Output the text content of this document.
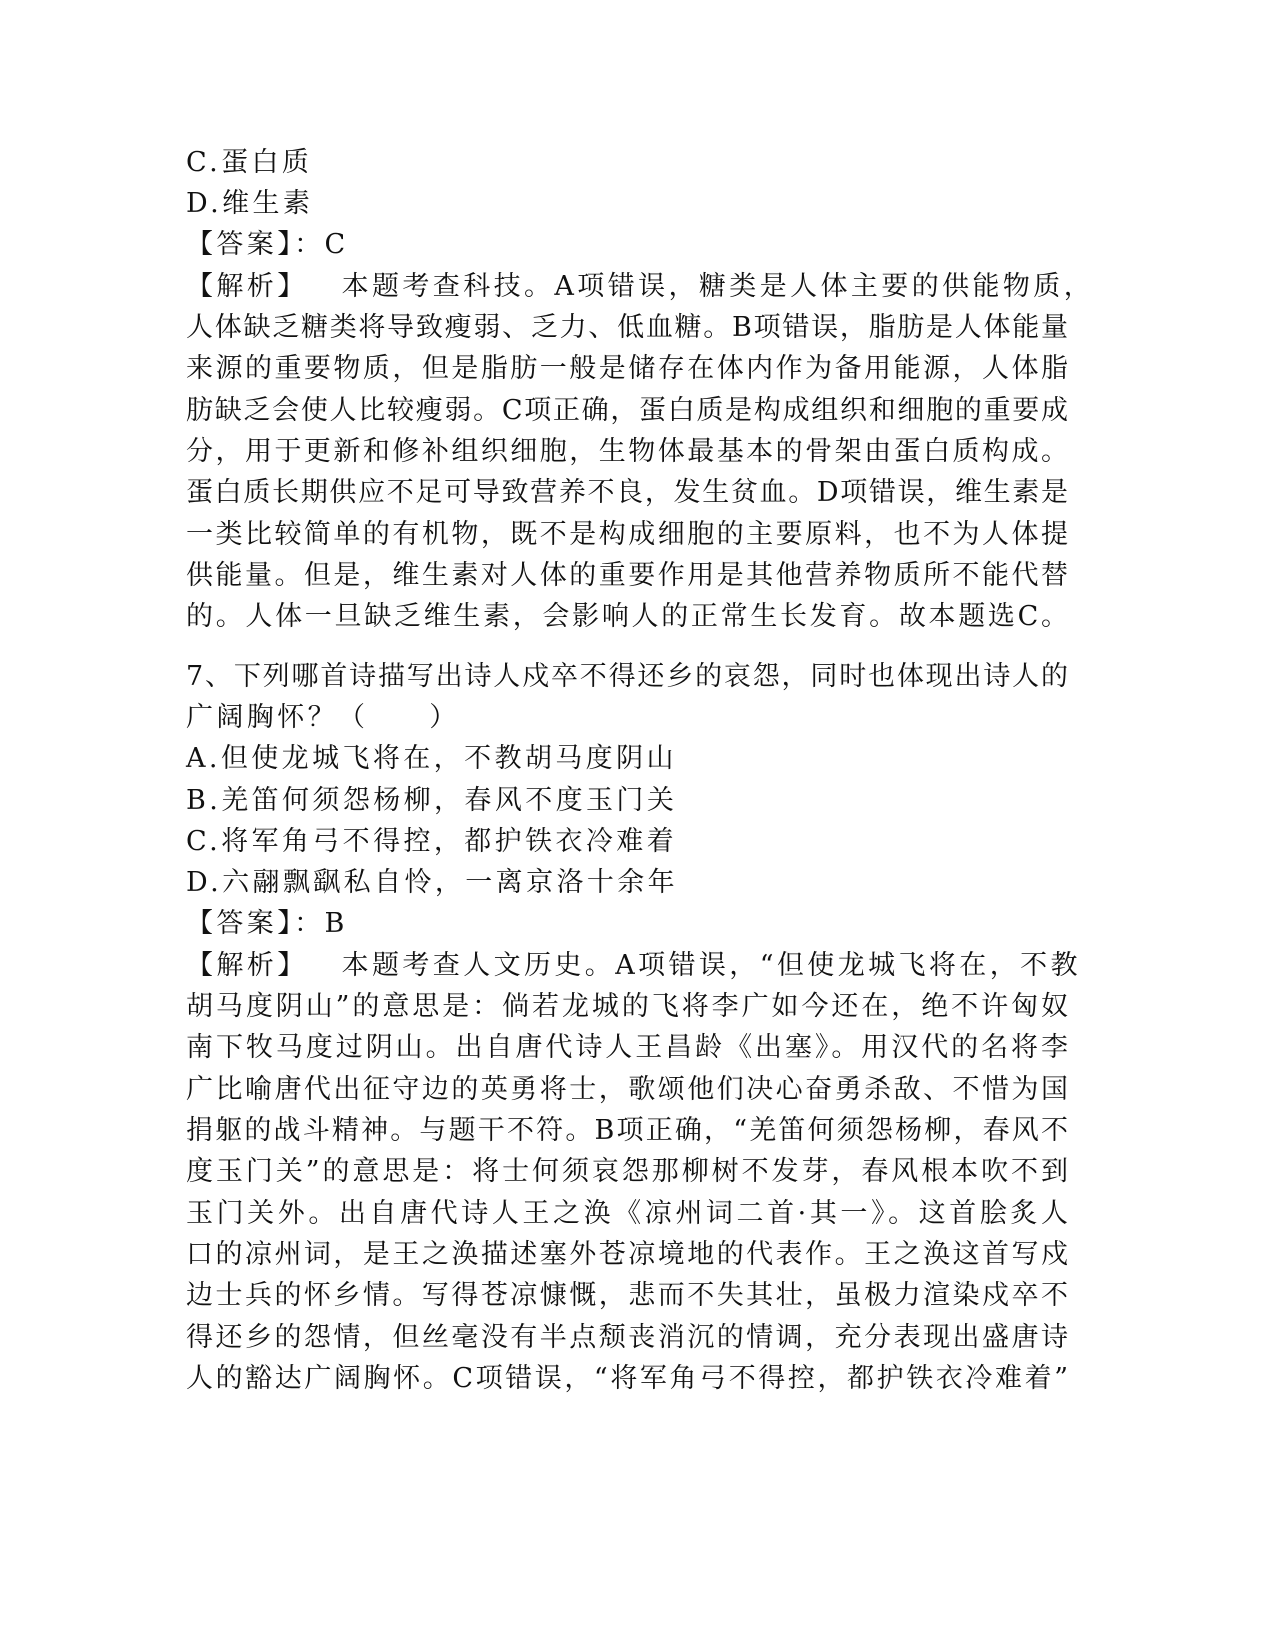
C.蛋白质
D.维生素
【答案】：C
【解析】 本题考查科技。A项错误，糖类是人体主要的供能物质，
人体缺乏糖类将导致瘦弱、乏力、低血糖。B项错误，脂肪是人体能量
来源的重要物质，但是脂肪一般是储存在体内作为备用能源，人体脂
肪缺乏会使人比较瘦弱。C项正确，蛋白质是构成组织和细胞的重要成
分，用于更新和修补组织细胞，生物体最基本的骨架由蛋白质构成。
蛋白质长期供应不足可导致营养不良，发生贫血。D项错误，维生素是
一类比较简单的有机物，既不是构成细胞的主要原料，也不为人体提
供能量。但是，维生素对人体的重要作用是其他营养物质所不能代替
的。人体一旦缺乏维生素，会影响人的正常生长发育。故本题选C。
7、下列哪首诗描写出诗人戍卒不得还乡的哀怨，同时也体现出诗人的
广阔胸怀？（　　）
A.但使龙城飞将在，不教胡马度阴山
B.羌笛何须怨杨柳，春风不度玉门关
C.将军角弓不得控，都护铁衣冷难着
D.六翮飘飖私自怜，一离京洛十余年
【答案】：B
【解析】 本题考查人文历史。A项错误，“但使龙城飞将在，不教
胡马度阴山”的意思是：倘若龙城的飞将李广如今还在，绝不许匈奴
南下牧马度过阴山。出自唐代诗人王昌龄《出塞》。用汉代的名将李
广比喻唐代出征守边的英勇将士，歌颂他们决心奋勇杀敌、不惜为国
捐躯的战斗精神。与题干不符。B项正确，“羌笛何须怨杨柳，春风不
度玉门关”的意思是：将士何须哀怨那柳树不发芽，春风根本吹不到
玉门关外。出自唐代诗人王之涣《凉州词二首·其一》。这首脍炙人
口的凉州词，是王之涣描述塞外苍凉境地的代表作。王之涣这首写戍
边士兵的怀乡情。写得苍凉慷慨，悲而不失其壮，虽极力渲染戍卒不
得还乡的怨情，但丝毫没有半点颓丧消沉的情调，充分表现出盛唐诗
人的豁达广阔胸怀。C项错误，“将军角弓不得控，都护铁衣冷难着”
